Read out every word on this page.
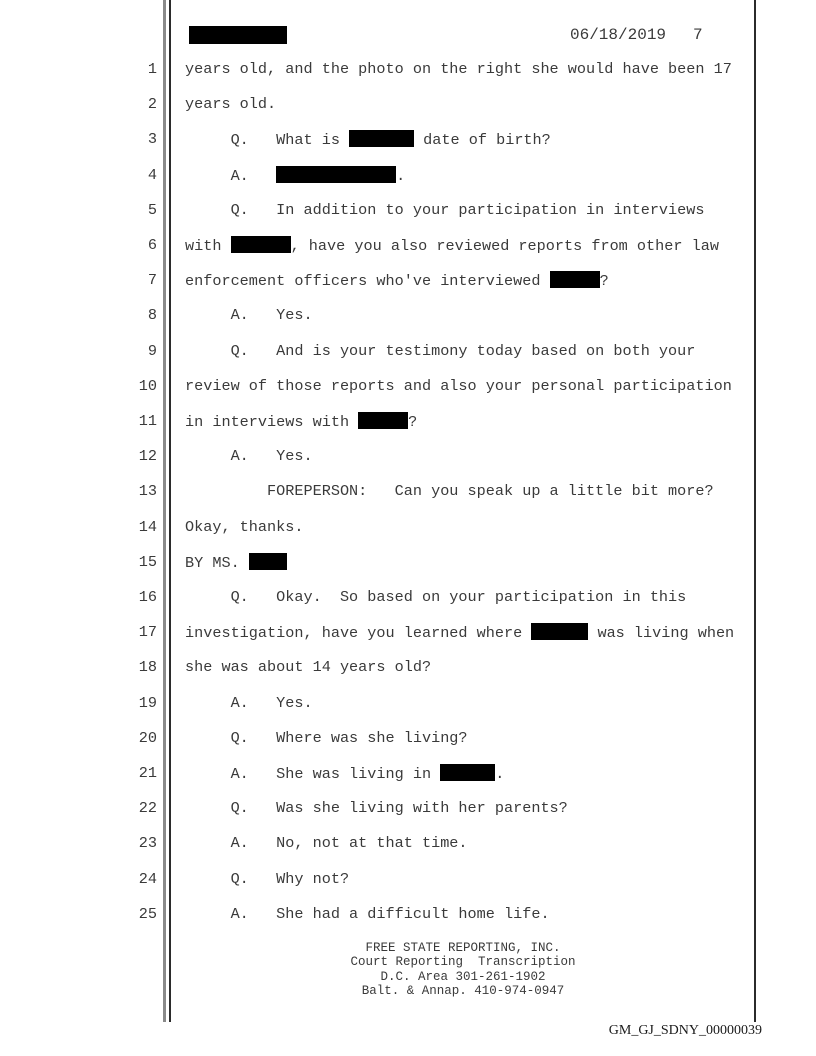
06/18/2019 7
1 years old, and the photo on the right she would have been 17
2 years old.
3 Q.   What is	date of birth?
4 A.	.
5 Q.   In addition to your participation in interviews
6 with	, have you also reviewed reports from other law
7 enforcement officers who've interviewed	?
8 A.   Yes.
9 Q.   And is your testimony today based on both your
10 review of those reports and also your personal participation
11 in interviews with	?
12 A.   Yes.
13 FOREPERSON:   Can you speak up a little bit more?
14 Okay, thanks.
15 BY MS.
16 Q.   Okay.  So based on your participation in this
17 investigation, have you learned where	was living when
18 she was about 14 years old?
19 A.   Yes.
20 Q.   Where was she living?
21 A.   She was living in	.
22 Q.   Was she living with her parents?
23 A.   No, not at that time.
24 Q.   Why not?
25 A.   She had a difficult home life.
FREE STATE REPORTING, INC.
Court Reporting  Transcription
D.C. Area 301-261-1902
Balt. & Annap. 410-974-0947
GM_GJ_SDNY_00000039
